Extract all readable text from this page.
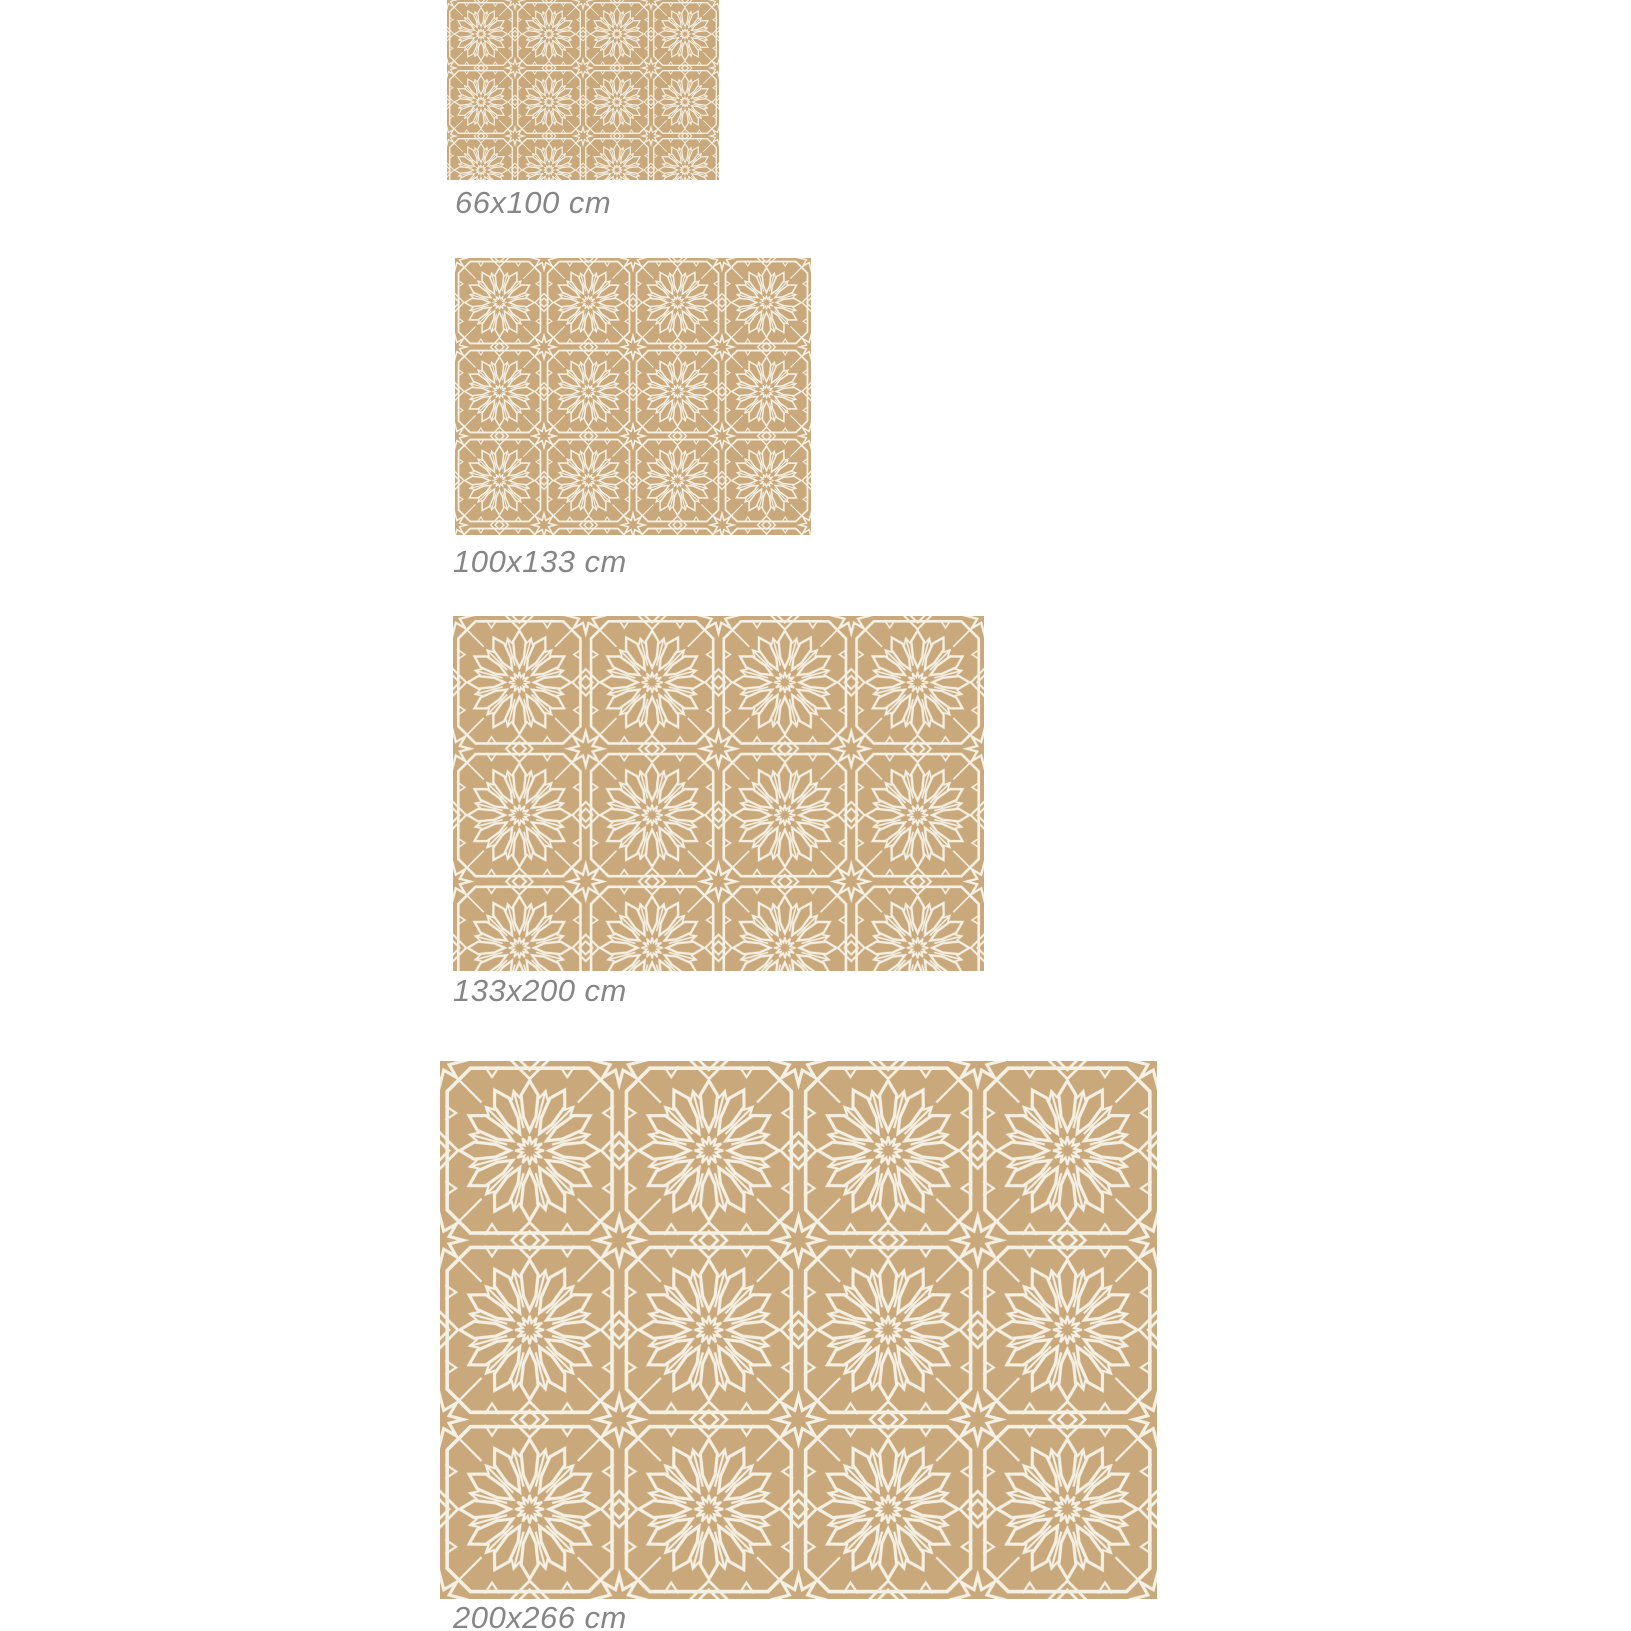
66x100 cm
100x133 cm
133x200 cm
200x266 cm
